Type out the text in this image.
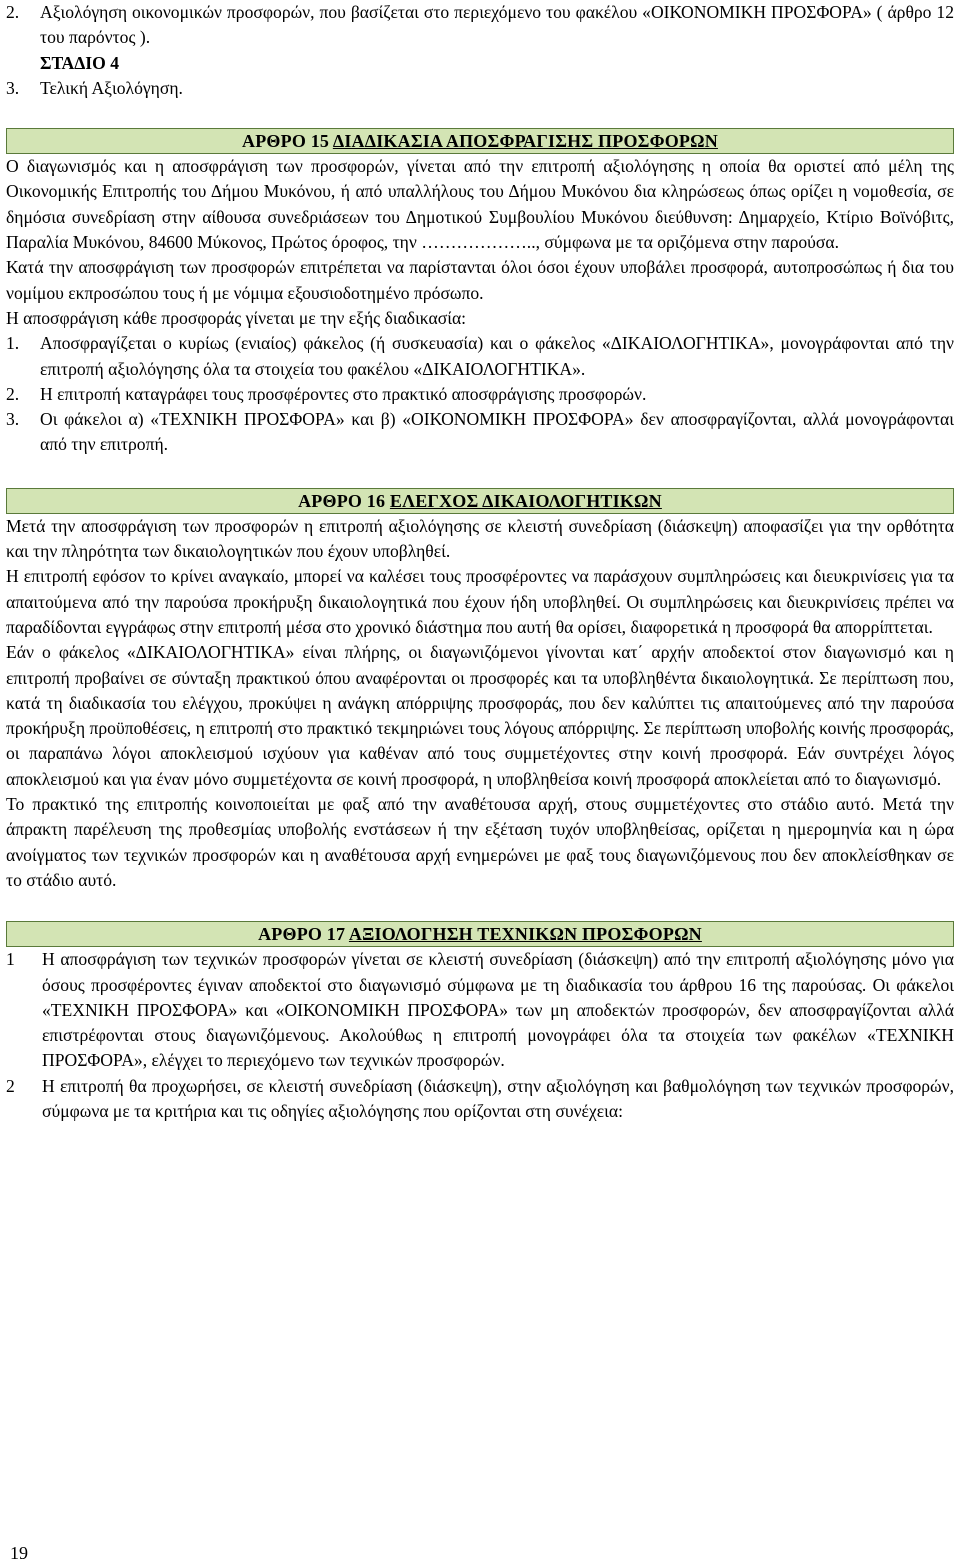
2.	Αξιολόγηση οικονομικών προσφορών, που βασίζεται στο περιεχόμενο του φακέλου «ΟΙΚΟΝΟΜΙΚΗ ΠΡΟΣΦΟΡΑ» ( άρθρο 12 του παρόντος ).
ΣΤΑΔΙΟ 4
3.	Τελική Αξιολόγηση.
ΑΡΘΡΟ 15 ΔΙΑΔΙΚΑΣΙΑ ΑΠΟΣΦΡΑΓΙΣΗΣ ΠΡΟΣΦΟΡΩΝ

Ο διαγωνισμός και η αποσφράγιση των προσφορών, γίνεται από την επιτροπή αξιολόγησης η οποία θα οριστεί από μέλη της Οικονομικής Επιτροπής του Δήμου Μυκόνου, ή από υπαλλήλους του Δήμου Μυκόνου δια κληρώσεως όπως ορίζει η νομοθεσία, σε δημόσια συνεδρίαση στην αίθουσα συνεδριάσεων του Δημοτικού Συμβουλίου Μυκόνου διεύθυνση: Δημαρχείο, Κτίριο Βοϊνόβιτς, Παραλία Μυκόνου, 84600 Μύκονος, Πρώτος όροφος, την ……………….., σύμφωνα με τα οριζόμενα στην παρούσα.

Κατά την αποσφράγιση των προσφορών επιτρέπεται να παρίστανται όλοι όσοι έχουν υποβάλει προσφορά, αυτοπροσώπως ή δια του νομίμου εκπροσώπου τους ή με νόμιμα εξουσιοδοτημένο πρόσωπο.

Η αποσφράγιση κάθε προσφοράς γίνεται με την εξής διαδικασία:

1.	Αποσφραγίζεται ο κυρίως (ενιαίος) φάκελος (ή συσκευασία) και ο φάκελος «ΔΙΚΑΙΟΛΟΓΗΤΙΚΑ», μονογράφονται από την επιτροπή αξιολόγησης όλα τα στοιχεία του φακέλου «ΔΙΚΑΙΟΛΟΓΗΤΙΚΑ».
2.	Η επιτροπή καταγράφει τους προσφέροντες στο πρακτικό αποσφράγισης προσφορών.
3.	Οι φάκελοι α) «ΤΕΧΝΙΚΗ ΠΡΟΣΦΟΡΑ» και β) «ΟΙΚΟΝΟΜΙΚΗ ΠΡΟΣΦΟΡΑ» δεν αποσφραγίζονται, αλλά μονογράφονται από την επιτροπή.
ΑΡΘΡΟ 16 ΕΛΕΓΧΟΣ ΔΙΚΑΙΟΛΟΓΗΤΙΚΩΝ

Μετά την αποσφράγιση των προσφορών η επιτροπή αξιολόγησης σε κλειστή συνεδρίαση (διάσκεψη) αποφασίζει για την ορθότητα και την πληρότητα των δικαιολογητικών που έχουν υποβληθεί.

Η επιτροπή εφόσον το κρίνει αναγκαίο, μπορεί να καλέσει τους προσφέροντες να παράσχουν συμπληρώσεις και διευκρινίσεις για τα απαιτούμενα από την παρούσα προκήρυξη δικαιολογητικά που έχουν ήδη υποβληθεί. Οι συμπληρώσεις και διευκρινίσεις πρέπει να παραδίδονται εγγράφως στην επιτροπή μέσα στο χρονικό διάστημα που αυτή θα ορίσει, διαφορετικά η προσφορά θα απορρίπτεται.

Εάν ο φάκελος «ΔΙΚΑΙΟΛΟΓΗΤΙΚΑ» είναι πλήρης, οι διαγωνιζόμενοι γίνονται κατ΄ αρχήν αποδεκτοί στον διαγωνισμό και η επιτροπή προβαίνει σε σύνταξη πρακτικού όπου αναφέρονται οι προσφορές και τα υποβληθέντα δικαιολογητικά. Σε περίπτωση που, κατά τη διαδικασία του ελέγχου, προκύψει η ανάγκη απόρριψης προσφοράς, που δεν καλύπτει τις απαιτούμενες από την παρούσα προκήρυξη προϋποθέσεις, η επιτροπή στο πρακτικό τεκμηριώνει τους λόγους απόρριψης. Σε περίπτωση υποβολής κοινής προσφοράς, οι παραπάνω λόγοι αποκλεισμού ισχύουν για καθέναν από τους συμμετέχοντες στην κοινή προσφορά. Εάν συντρέχει λόγος αποκλεισμού και για έναν μόνο συμμετέχοντα σε κοινή προσφορά, η υποβληθείσα κοινή προσφορά αποκλείεται από το διαγωνισμό.

Το πρακτικό της επιτροπής κοινοποιείται με φαξ από την αναθέτουσα αρχή, στους συμμετέχοντες στο στάδιο αυτό. Μετά την άπρακτη παρέλευση της προθεσμίας υποβολής ενστάσεων ή την εξέταση τυχόν υποβληθείσας, ορίζεται η ημερομηνία και η ώρα ανοίγματος των τεχνικών προσφορών και η αναθέτουσα αρχή ενημερώνει με φαξ τους διαγωνιζόμενους που δεν αποκλείσθηκαν σε τo στάδιο αυτό.

ΑΡΘΡΟ 17 ΑΞΙΟΛΟΓΗΣΗ ΤΕΧΝΙΚΩΝ ΠΡΟΣΦΟΡΩΝ
1	Η αποσφράγιση των τεχνικών προσφορών γίνεται σε κλειστή συνεδρίαση (διάσκεψη) από την επιτροπή αξιολόγησης μόνο για όσους προσφέροντες έγιναν αποδεκτοί στο διαγωνισμό σύμφωνα με τη διαδικασία του άρθρου 16 της παρούσας. Οι φάκελοι «ΤΕΧΝΙΚΗ ΠΡΟΣΦΟΡΑ» και «ΟΙΚΟΝΟΜΙΚΗ ΠΡΟΣΦΟΡΑ» των μη αποδεκτών προσφορών, δεν αποσφραγίζονται αλλά επιστρέφονται στους διαγωνιζόμενους. Ακολούθως η επιτροπή μονογράφει όλα τα στοιχεία των φακέλων «ΤΕΧΝΙΚΗ ΠΡΟΣΦΟΡΑ», ελέγχει το περιεχόμενο των τεχνικών προσφορών.
2	Η επιτροπή θα προχωρήσει, σε κλειστή συνεδρίαση (διάσκεψη), στην αξιολόγηση και βαθμολόγηση των τεχνικών προσφορών, σύμφωνα με τα κριτήρια και τις οδηγίες αξιολόγησης που ορίζονται στη συνέχεια:
19
